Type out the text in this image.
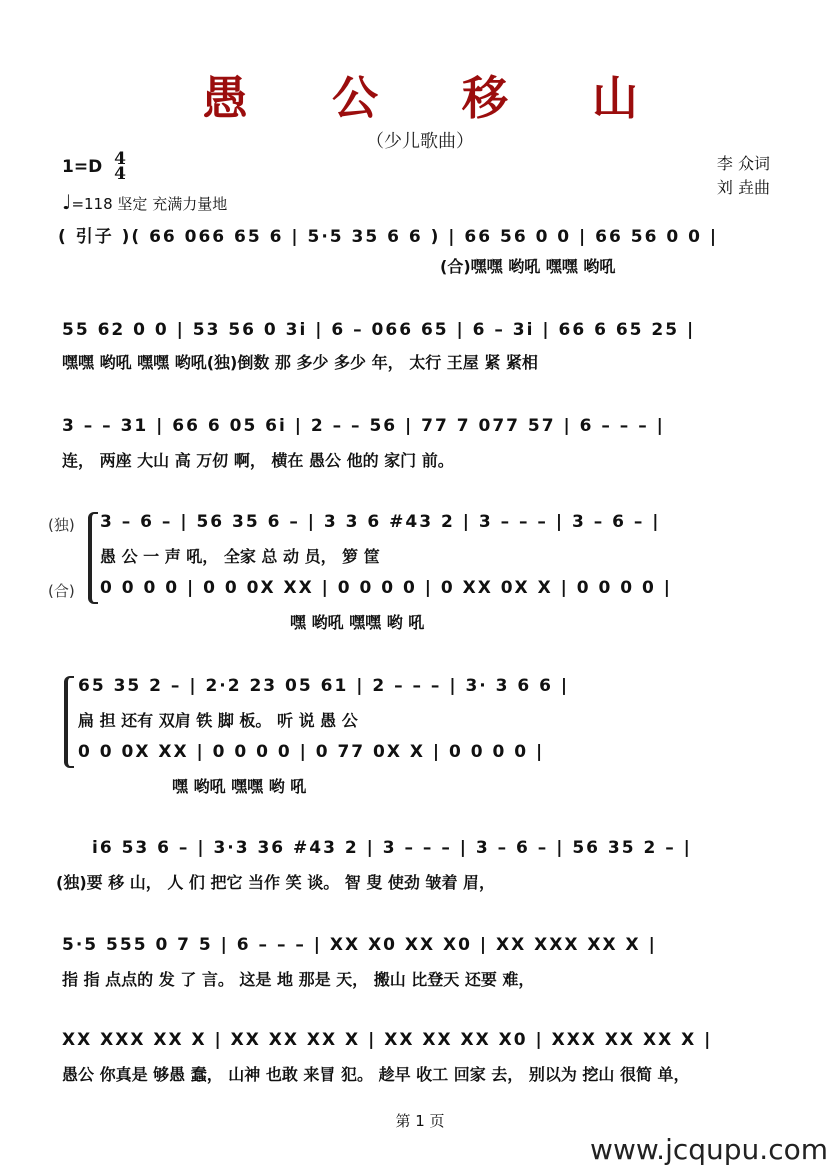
愚 公 移 山
（少儿歌曲）
1=D 4
4
♩=118 坚定 充满力量地
李 众词
刘 垚曲
( 引子 )( 66 066 65 6 | 5·5 35 6 6 ) | 66 56 0 0 | 66 56 0 0 |
(合)嘿嘿 哟吼 嘿嘿 哟吼
55 62 0 0 | 53 56 0 3i | 6 – 066 65 | 6 – 3i | 66 6 65 25 |
嘿嘿 哟吼 嘿嘿 哟吼(独)倒数 那 多少 多少 年， 太行 王屋 紧 紧相
3 – – 31 | 66 6 05 6i | 2 – – 56 | 77 7 077 57 | 6 – – – |
连， 两座 大山 高 万仞 啊， 横在 愚公 他的 家门 前。
(独)
(合)
3 – 6 – | 56 35 6 – | 3 3 6 #43 2 | 3 – – – | 3 – 6 – |
愚 公 一 声 吼， 全家 总 动 员， 箩 筐
0 0 0 0 | 0 0 0X XX | 0 0 0 0 | 0 XX 0X X | 0 0 0 0 |
嘿 哟吼 嘿嘿 哟 吼
65 35 2 – | 2·2 23 05 61 | 2 – – – | 3· 3 6 6 |
扁 担 还有 双肩 铁 脚 板。 听 说 愚 公
0 0 0X XX | 0 0 0 0 | 0 77 0X X | 0 0 0 0 |
嘿 哟吼 嘿嘿 哟 吼
i6 53 6 – | 3·3 36 #43 2 | 3 – – – | 3 – 6 – | 56 35 2 – |
(独)要 移 山， 人 们 把它 当作 笑 谈。 智 叟 使劲 皱着 眉，
5·5 555 0 7 5 | 6 – – – | XX X0 XX X0 | XX XXX XX X |
指 指 点点的 发 了 言。 这是 地 那是 天， 搬山 比登天 还要 难，
XX XXX XX X | XX XX XX X | XX XX XX X0 | XXX XX XX X |
愚公 你真是 够愚 蠢， 山神 也敢 来冒 犯。 趁早 收工 回家 去， 别以为 挖山 很简 单，
第 1 页
www.jcqupu.com
